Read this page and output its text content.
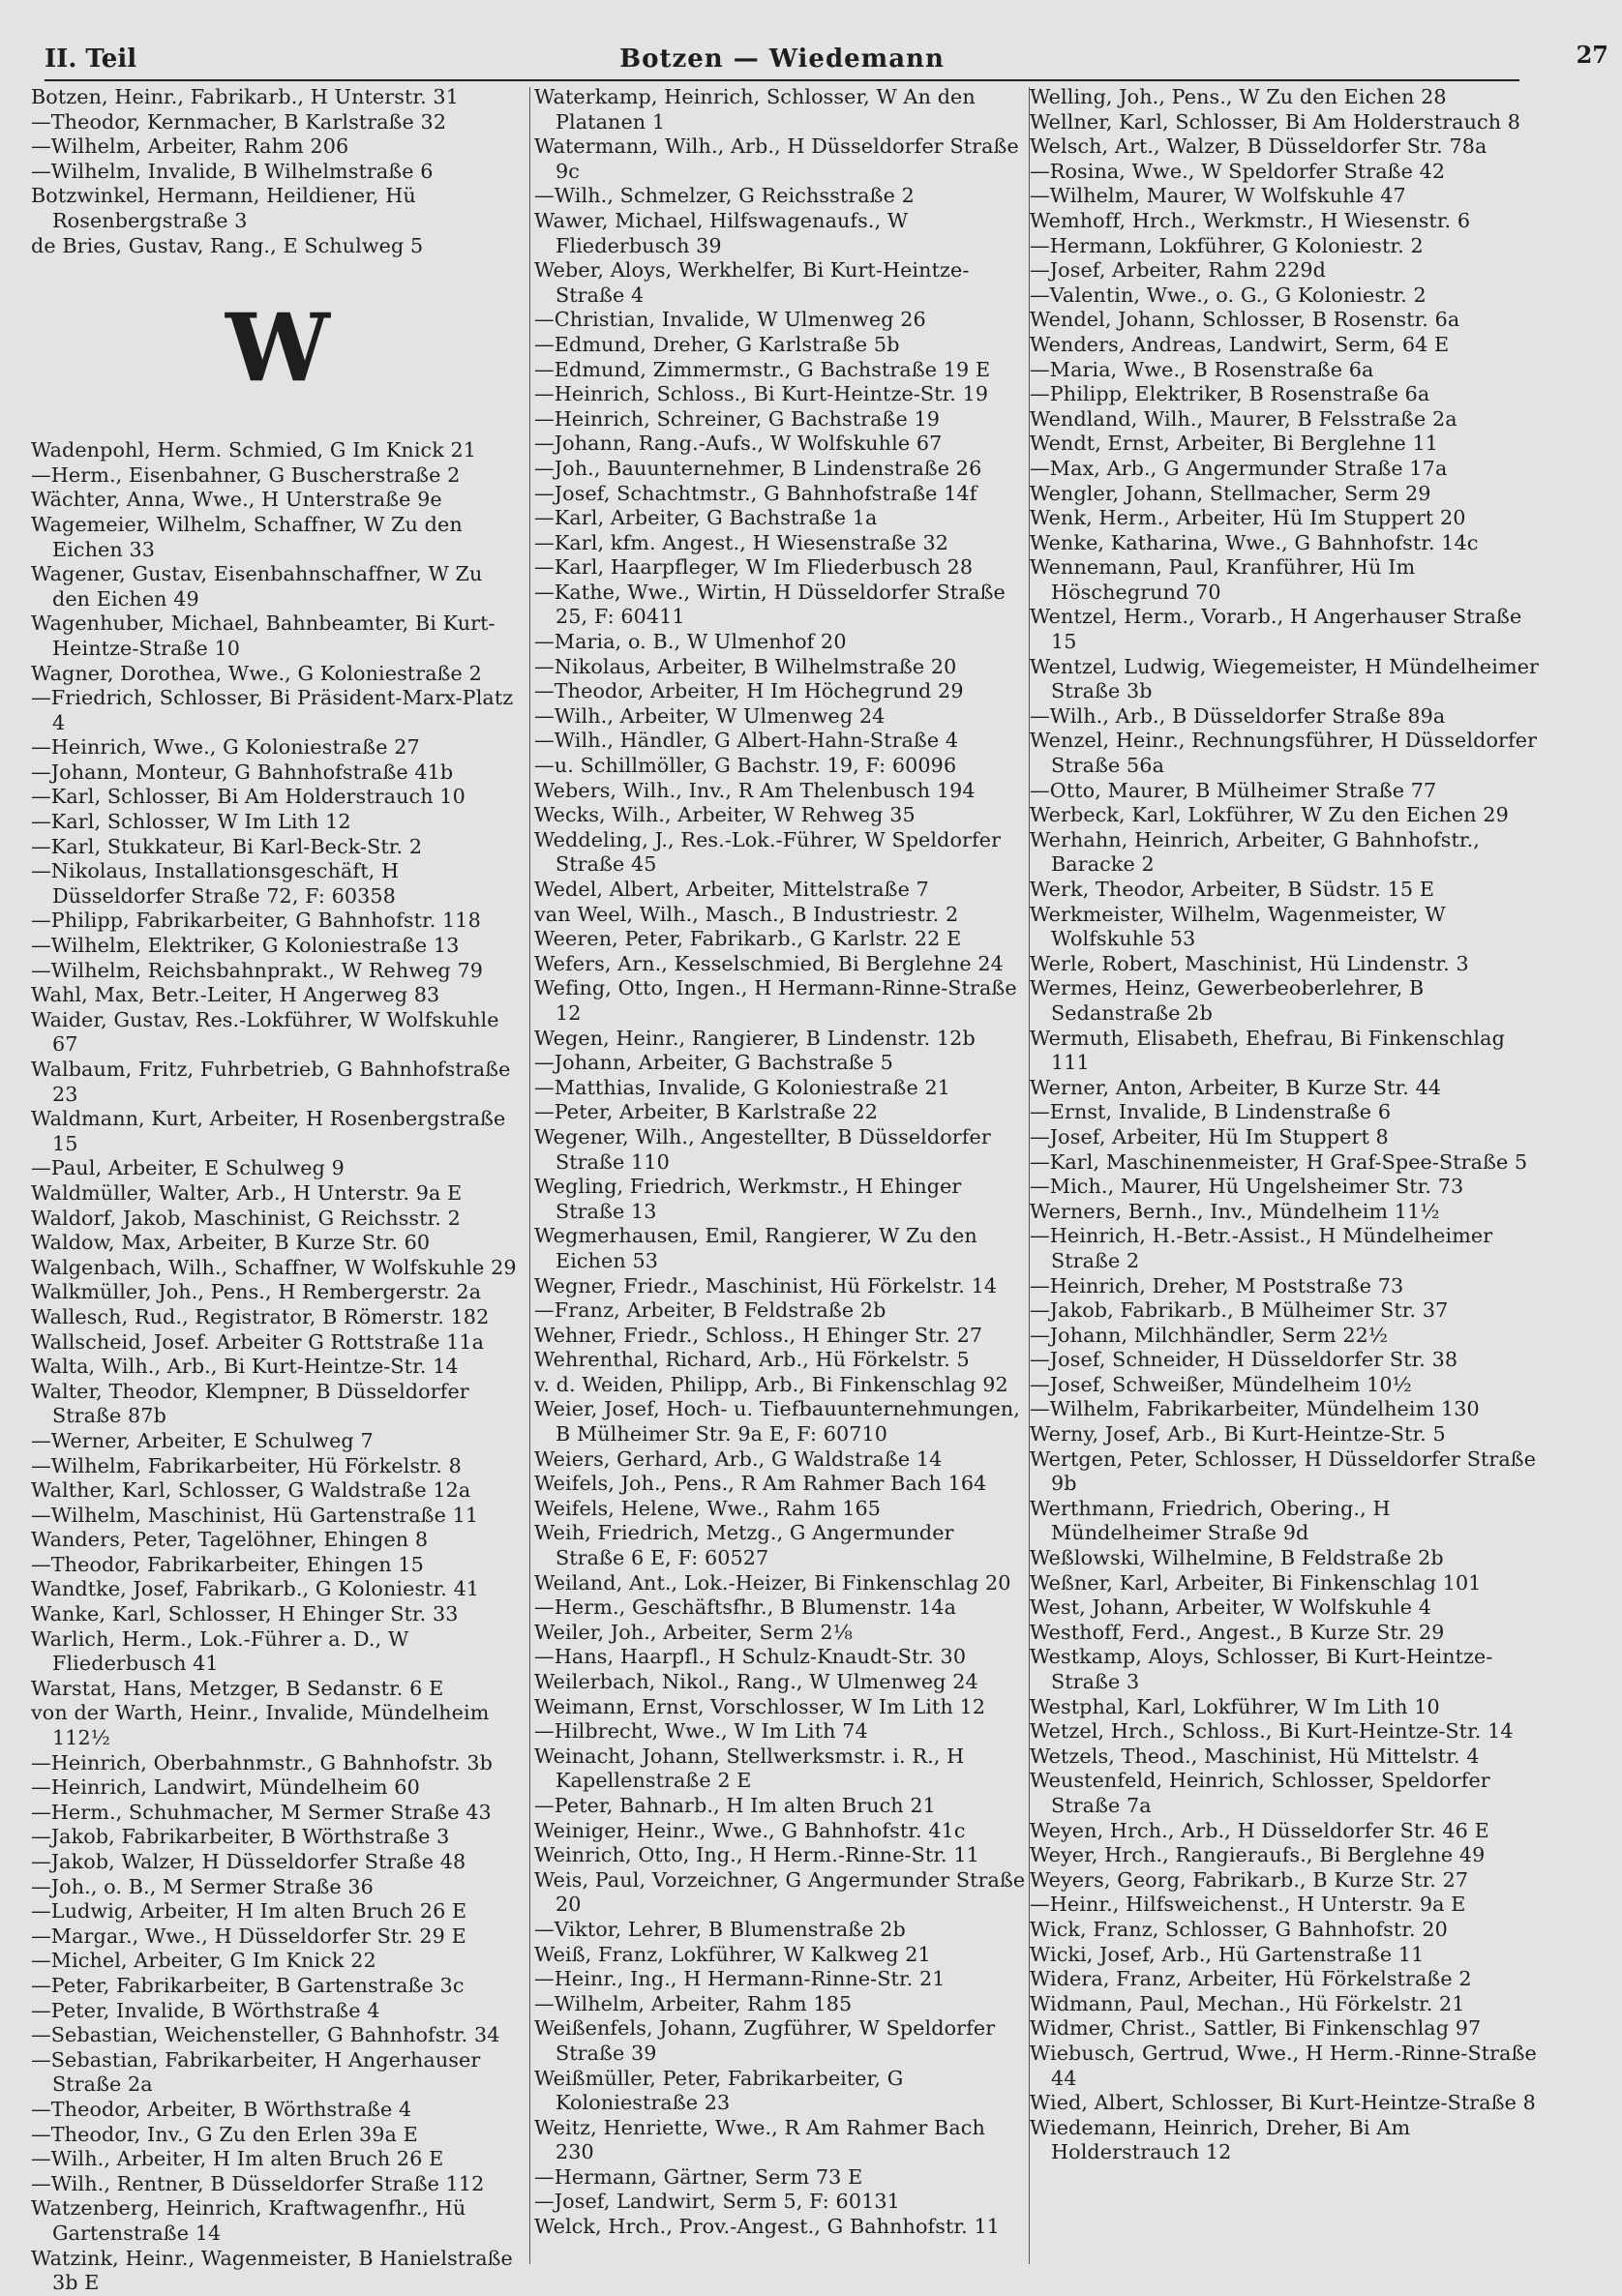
II. Teil	Botzen — Wiedemann	27
Botzen, Heinr., Fabrikarb., H Unterstr. 31
—Theodor, Kernmacher, B Karlstraße 32
—Wilhelm, Arbeiter, Rahm 206
—Wilhelm, Invalide, B Wilhelmstraße 6
Botzwinkel, Hermann, Heildiener, Hü Rosenbergstraße 3
de Bries, Gustav, Rang., E Schulweg 5
W
Wadenpohl, Herm. Schmied, G Im Knick 21
—Herm., Eisenbahner, G Buscherstraße 2
Wächter, Anna, Wwe., H Unterstraße 9e
Wagemeier, Wilhelm, Schaffner, W Zu den Eichen 33
Wagener, Gustav, Eisenbahnschaffner, W Zu den Eichen 49
Wagenhuber, Michael, Bahnbeamter, Bi Kurt-Heintze-Straße 10
Wagner, Dorothea, Wwe., G Koloniestraße 2
—Friedrich, Schlosser, Bi Präsident-Marx-Platz 4
—Heinrich, Wwe., G Koloniestraße 27
—Johann, Monteur, G Bahnhofstraße 41b
—Karl, Schlosser, Bi Am Holderstrauch 10
—Karl, Schlosser, W Im Lith 12
—Karl, Stukkateur, Bi Karl-Beck-Str. 2
—Nikolaus, Installationsgeschäft, H Düsseldorfer Straße 72, F: 60358
—Philipp, Fabrikarbeiter, G Bahnhofstr. 118
—Wilhelm, Elektriker, G Koloniestraße 13
—Wilhelm, Reichsbahnprakt., W Rehweg 79
Wahl, Max, Betr.-Leiter, H Angerweg 83
Waider, Gustav, Res.-Lokführer, W Wolfskuhle 67
Walbaum, Fritz, Fuhrbetrieb, G Bahnhofstraße 23
Waldmann, Kurt, Arbeiter, H Rosenbergstraße 15
—Paul, Arbeiter, E Schulweg 9
Waldmüller, Walter, Arb., H Unterstr. 9a E
Waldorf, Jakob, Maschinist, G Reichsstr. 2
Waldow, Max, Arbeiter, B Kurze Str. 60
Walgenbach, Wilh., Schaffner, W Wolfskuhle 29
Walkmüller, Joh., Pens., H Rembergerstr. 2a
Wallesch, Rud., Registrator, B Römerstr. 182
Wallscheid, Josef. Arbeiter G Rottstraße 11a
Walta, Wilh., Arb., Bi Kurt-Heintze-Str. 14
Walter, Theodor, Klempner, B Düsseldorfer Straße 87b
—Werner, Arbeiter, E Schulweg 7
—Wilhelm, Fabrikarbeiter, Hü Förkelstr. 8
Walther, Karl, Schlosser, G Waldstraße 12a
—Wilhelm, Maschinist, Hü Gartenstraße 11
Wanders, Peter, Tagelöhner, Ehingen 8
—Theodor, Fabrikarbeiter, Ehingen 15
Wandtke, Josef, Fabrikarb., G Koloniestr. 41
Wanke, Karl, Schlosser, H Ehinger Str. 33
Warlich, Herm., Lok.-Führer a. D., W Fliederbusch 41
Warstat, Hans, Metzger, B Sedanstr. 6 E
von der Warth, Heinr., Invalide, Mündelheim 112½
—Heinrich, Oberbahnmstr., G Bahnhofstr. 3b
—Heinrich, Landwirt, Mündelheim 60
—Herm., Schuhmacher, M Sermer Straße 43
—Jakob, Fabrikarbeiter, B Wörthstraße 3
—Jakob, Walzer, H Düsseldorfer Straße 48
—Joh., o. B., M Sermer Straße 36
—Ludwig, Arbeiter, H Im alten Bruch 26 E
—Margar., Wwe., H Düsseldorfer Str. 29 E
—Michel, Arbeiter, G Im Knick 22
—Peter, Fabrikarbeiter, B Gartenstraße 3c
—Peter, Invalide, B Wörthstraße 4
—Sebastian, Weichensteller, G Bahnhofstr. 34
—Sebastian, Fabrikarbeiter, H Angerhauser Straße 2a
—Theodor, Arbeiter, B Wörthstraße 4
—Theodor, Inv., G Zu den Erlen 39a E
—Wilh., Arbeiter, H Im alten Bruch 26 E
—Wilh., Rentner, B Düsseldorfer Straße 112
Watzenberg, Heinrich, Kraftwagenfhr., Hü Gartenstraße 14
Watzink, Heinr., Wagenmeister, B Hanielstraße 3b E
Waterkamp, Heinrich, Schlosser, W An den Platanen 1
Watermann, Wilh., Arb., H Düsseldorfer Straße 9c
—Wilh., Schmelzer, G Reichsstraße 2
Wawer, Michael, Hilfswagenaufs., W Fliederbusch 39
Weber, Aloys, Werkhelfer, Bi Kurt-Heintze-Straße 4
—Christian, Invalide, W Ulmenweg 26
—Edmund, Dreher, G Karlstraße 5b
—Edmund, Zimmermstr., G Bachstraße 19 E
—Heinrich, Schloss., Bi Kurt-Heintze-Str. 19
—Heinrich, Schreiner, G Bachstraße 19
—Johann, Rang.-Aufs., W Wolfskuhle 67
—Joh., Bauunternehmer, B Lindenstraße 26
—Josef, Schachtmstr., G Bahnhofstraße 14f
—Karl, Arbeiter, G Bachstraße 1a
—Karl, kfm. Angest., H Wiesenstraße 32
—Karl, Haarpfleger, W Im Fliederbusch 28
—Kathe, Wwe., Wirtin, H Düsseldorfer Straße 25, F: 60411
—Maria, o. B., W Ulmenhof 20
—Nikolaus, Arbeiter, B Wilhelmstraße 20
—Theodor, Arbeiter, H Im Höchegrund 29
—Wilh., Arbeiter, W Ulmenweg 24
—Wilh., Händler, G Albert-Hahn-Straße 4
—u. Schillmöller, G Bachstr. 19, F: 60096
Webers, Wilh., Inv., R Am Thelenbusch 194
Wecks, Wilh., Arbeiter, W Rehweg 35
Weddeling, J., Res.-Lok.-Führer, W Speldorfer Straße 45
Wedel, Albert, Arbeiter, Mittelstraße 7
van Weel, Wilh., Masch., B Industriestr. 2
Weeren, Peter, Fabrikarb., G Karlstr. 22 E
Wefers, Arn., Kesselschmied, Bi Berglehne 24
Wefing, Otto, Ingen., H Hermann-Rinne-Straße 12
Wegen, Heinr., Rangierer, B Lindenstr. 12b
—Johann, Arbeiter, G Bachstraße 5
—Matthias, Invalide, G Koloniestraße 21
—Peter, Arbeiter, B Karlstraße 22
Wegener, Wilh., Angestellter, B Düsseldorfer Straße 110
Wegling, Friedrich, Werkmstr., H Ehinger Straße 13
Wegmerhausen, Emil, Rangierer, W Zu den Eichen 53
Wegner, Friedr., Maschinist, Hü Förkelstr. 14
—Franz, Arbeiter, B Feldstraße 2b
Wehner, Friedr., Schloss., H Ehinger Str. 27
Wehrenthal, Richard, Arb., Hü Förkelstr. 5
v. d. Weiden, Philipp, Arb., Bi Finkenschlag 92
Weier, Josef, Hoch- u. Tiefbauunternehmungen, B Mülheimer Str. 9a E, F: 60710
Weiers, Gerhard, Arb., G Waldstraße 14
Weifels, Joh., Pens., R Am Rahmer Bach 164
Weifels, Helene, Wwe., Rahm 165
Weih, Friedrich, Metzg., G Angermunder Straße 6 E, F: 60527
Weiland, Ant., Lok.-Heizer, Bi Finkenschlag 20
—Herm., Geschäftsfhr., B Blumenstr. 14a
Weiler, Joh., Arbeiter, Serm 2⅛
—Hans, Haarpfl., H Schulz-Knaudt-Str. 30
Weilerbach, Nikol., Rang., W Ulmenweg 24
Weimann, Ernst, Vorschlosser, W Im Lith 12
—Hilbrecht, Wwe., W Im Lith 74
Weinacht, Johann, Stellwerksmstr. i. R., H Kapellenstraße 2 E
—Peter, Bahnarb., H Im alten Bruch 21
Weiniger, Heinr., Wwe., G Bahnhofstr. 41c
Weinrich, Otto, Ing., H Herm.-Rinne-Str. 11
Weis, Paul, Vorzeichner, G Angermunder Straße 20
—Viktor, Lehrer, B Blumenstraße 2b
Weiß, Franz, Lokführer, W Kalkweg 21
—Heinr., Ing., H Hermann-Rinne-Str. 21
—Wilhelm, Arbeiter, Rahm 185
Weißenfels, Johann, Zugführer, W Speldorfer Straße 39
Weißmüller, Peter, Fabrikarbeiter, G Koloniestraße 23
Weitz, Henriette, Wwe., R Am Rahmer Bach 230
—Hermann, Gärtner, Serm 73 E
—Josef, Landwirt, Serm 5, F: 60131
Welck, Hrch., Prov.-Angest., G Bahnhofstr. 11
Welling, Joh., Pens., W Zu den Eichen 28
Wellner, Karl, Schlosser, Bi Am Holderstrauch 8
Welsch, Art., Walzer, B Düsseldorfer Str. 78a
—Rosina, Wwe., W Speldorfer Straße 42
—Wilhelm, Maurer, W Wolfskuhle 47
Wemhoff, Hrch., Werkmstr., H Wiesenstr. 6
—Hermann, Lokführer, G Koloniestr. 2
—Josef, Arbeiter, Rahm 229d
—Valentin, Wwe., o. G., G Koloniestr. 2
Wendel, Johann, Schlosser, B Rosenstr. 6a
Wenders, Andreas, Landwirt, Serm, 64 E
—Maria, Wwe., B Rosenstraße 6a
—Philipp, Elektriker, B Rosenstraße 6a
Wendland, Wilh., Maurer, B Felsstraße 2a
Wendt, Ernst, Arbeiter, Bi Berglehne 11
—Max, Arb., G Angermunder Straße 17a
Wengler, Johann, Stellmacher, Serm 29
Wenk, Herm., Arbeiter, Hü Im Stuppert 20
Wenke, Katharina, Wwe., G Bahnhofstr. 14c
Wennemann, Paul, Kranführer, Hü Im Höschegrund 70
Wentzel, Herm., Vorarb., H Angerhauser Straße 15
Wentzel, Ludwig, Wiegemeister, H Mündelheimer Straße 3b
—Wilh., Arb., B Düsseldorfer Straße 89a
Wenzel, Heinr., Rechnungsführer, H Düsseldorfer Straße 56a
—Otto, Maurer, B Mülheimer Straße 77
Werbeck, Karl, Lokführer, W Zu den Eichen 29
Werhahn, Heinrich, Arbeiter, G Bahnhofstr., Baracke 2
Werk, Theodor, Arbeiter, B Südstr. 15 E
Werkmeister, Wilhelm, Wagenmeister, W Wolfskuhle 53
Werle, Robert, Maschinist, Hü Lindenstr. 3
Wermes, Heinz, Gewerbeoberlehrer, B Sedanstraße 2b
Wermuth, Elisabeth, Ehefrau, Bi Finkenschlag 111
Werner, Anton, Arbeiter, B Kurze Str. 44
—Ernst, Invalide, B Lindenstraße 6
—Josef, Arbeiter, Hü Im Stuppert 8
—Karl, Maschinenmeister, H Graf-Spee-Straße 5
—Mich., Maurer, Hü Ungelsheimer Str. 73
Werners, Bernh., Inv., Mündelheim 11½
—Heinrich, H.-Betr.-Assist., H Mündelheimer Straße 2
—Heinrich, Dreher, M Poststraße 73
—Jakob, Fabrikarb., B Mülheimer Str. 37
—Johann, Milchhändler, Serm 22½
—Josef, Schneider, H Düsseldorfer Str. 38
—Josef, Schweißer, Mündelheim 10½
—Wilhelm, Fabrikarbeiter, Mündelheim 130
Werny, Josef, Arb., Bi Kurt-Heintze-Str. 5
Wertgen, Peter, Schlosser, H Düsseldorfer Straße 9b
Werthmann, Friedrich, Obering., H Mündelheimer Straße 9d
Weßlowski, Wilhelmine, B Feldstraße 2b
Weßner, Karl, Arbeiter, Bi Finkenschlag 101
West, Johann, Arbeiter, W Wolfskuhle 4
Westhoff, Ferd., Angest., B Kurze Str. 29
Westkamp, Aloys, Schlosser, Bi Kurt-Heintze-Straße 3
Westphal, Karl, Lokführer, W Im Lith 10
Wetzel, Hrch., Schloss., Bi Kurt-Heintze-Str. 14
Wetzels, Theod., Maschinist, Hü Mittelstr. 4
Weustenfeld, Heinrich, Schlosser, Speldorfer Straße 7a
Weyen, Hrch., Arb., H Düsseldorfer Str. 46 E
Weyer, Hrch., Rangieraufs., Bi Berglehne 49
Weyers, Georg, Fabrikarb., B Kurze Str. 27
—Heinr., Hilfsweichenst., H Unterstr. 9a E
Wick, Franz, Schlosser, G Bahnhofstr. 20
Wicki, Josef, Arb., Hü Gartenstraße 11
Widera, Franz, Arbeiter, Hü Förkelstraße 2
Widmann, Paul, Mechan., Hü Förkelstr. 21
Widmer, Christ., Sattler, Bi Finkenschlag 97
Wiebusch, Gertrud, Wwe., H Herm.-Rinne-Straße 44
Wied, Albert, Schlosser, Bi Kurt-Heintze-Straße 8
Wiedemann, Heinrich, Dreher, Bi Am Holderstrauch 12
